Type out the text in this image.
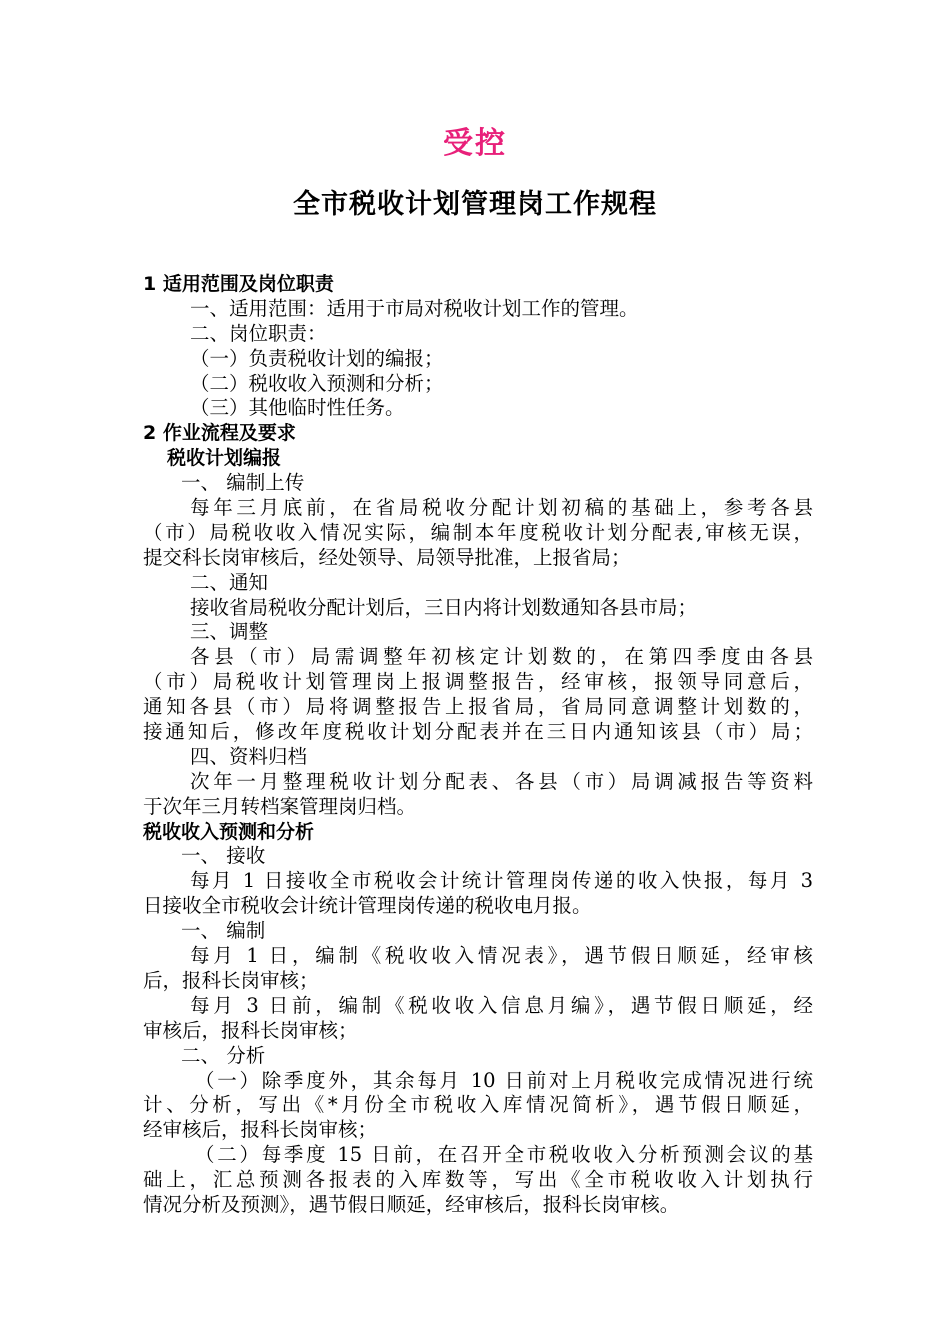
受控
全市税收计划管理岗工作规程
1 适用范围及岗位职责
一、适用范围：适用于市局对税收计划工作的管理。
二、岗位职责：
（一）负责税收计划的编报；
（二）税收收入预测和分析；
（三）其他临时性任务。
2 作业流程及要求
税收计划编报
一、 编制上传
每年三月底前，在省局税收分配计划初稿的基础上，参考各县
（市）局税收收入情况实际，编制本年度税收计划分配表,审核无误，
提交科长岗审核后，经处领导、局领导批准，上报省局；
二、通知
接收省局税收分配计划后，三日内将计划数通知各县市局；
三、调整
各县（市）局需调整年初核定计划数的，在第四季度由各县
（市）局税收计划管理岗上报调整报告，经审核，报领导同意后，
通知各县（市）局将调整报告上报省局，省局同意调整计划数的，
接通知后，修改年度税收计划分配表并在三日内通知该县（市）局；
四、资料归档
次年一月整理税收计划分配表、各县（市）局调减报告等资料
于次年三月转档案管理岗归档。
税收收入预测和分析
一、 接收
每月 1 日接收全市税收会计统计管理岗传递的收入快报，每月 3
日接收全市税收会计统计管理岗传递的税收电月报。
一、 编制
每月 1 日，编制《税收收入情况表》，遇节假日顺延，经审核
后，报科长岗审核；
每月 3 日前，编制《税收收入信息月编》，遇节假日顺延，经
审核后，报科长岗审核；
二、 分析
（一）除季度外，其余每月 10 日前对上月税收完成情况进行统
计、分析，写出《*月份全市税收入库情况简析》，遇节假日顺延，
经审核后，报科长岗审核；
（二）每季度 15 日前，在召开全市税收收入分析预测会议的基
础上，汇总预测各报表的入库数等，写出《全市税收收入计划执行
情况分析及预测》，遇节假日顺延，经审核后，报科长岗审核。
